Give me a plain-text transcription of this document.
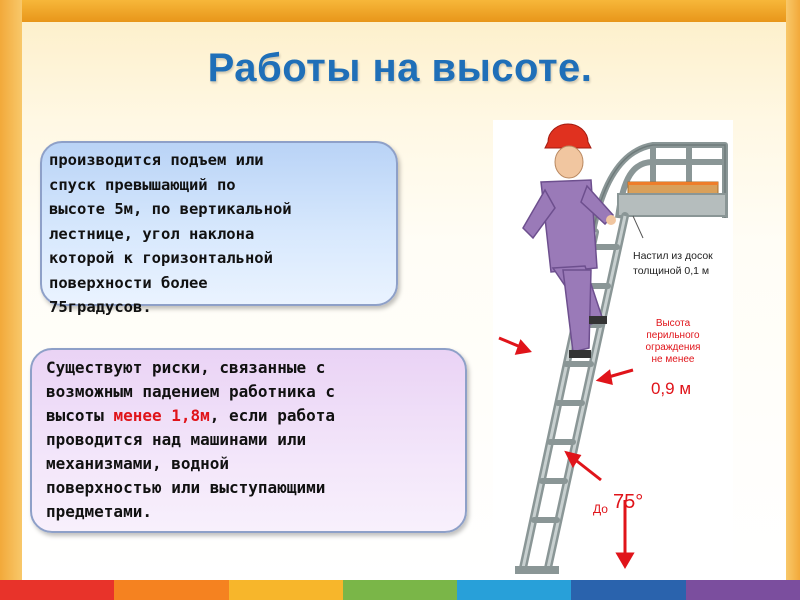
Работы на высоте.
производится подъем или
спуск превышающий по
высоте 5м, по вертикальной
лестнице, угол наклона
которой к горизонтальной
поверхности более
75градусов.
Существуют риски, связанные с
возможным падением работника с
высоты менее 1,8м, если работа
проводится над машинами или
механизмами, водной
поверхностью или выступающими
предметами.
Настил из досок
толщиной 0,1 м
Высота
перильного
ограждения
не менее
0,9 м
До 75°
